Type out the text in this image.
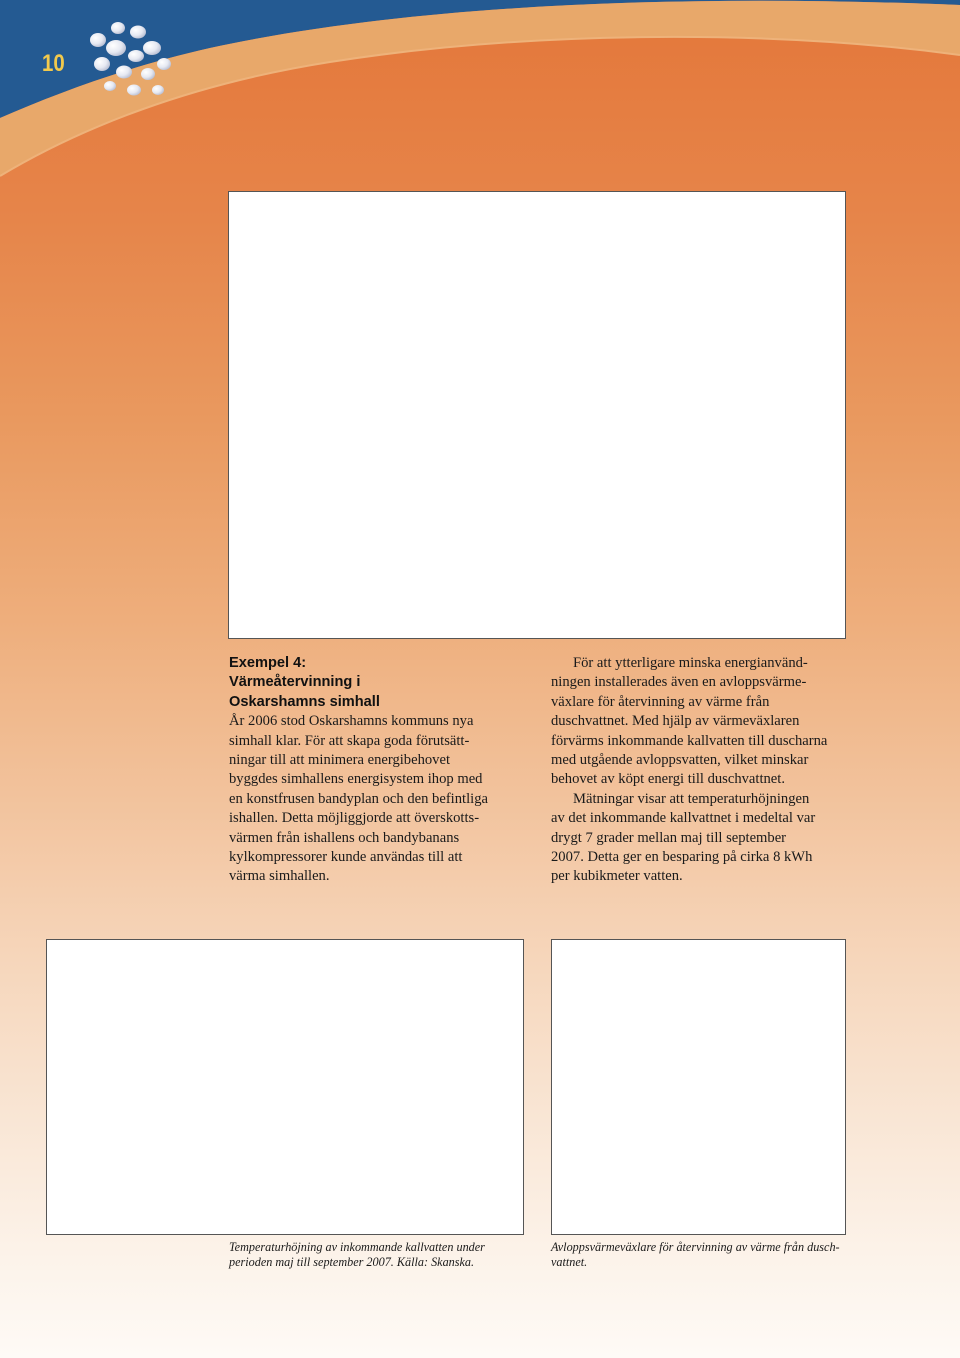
10
Exempel 4:
Värmeåtervinning i
Oskarshamns simhall

År 2006 stod Oskarshamns kommuns nya
simhall klar. För att skapa goda förutsätt-
ningar till att minimera energibehovet
byggdes simhallens energisystem ihop med
en konstfrusen bandyplan och den befintliga
ishallen. Detta möjliggjorde att överskotts-
värmen från ishallens och bandybanans
kylkompressorer kunde användas till att
värma simhallen.

För att ytterligare minska energianvänd-
ningen installerades även en avloppsvärme-
växlare för återvinning av värme från
duschvattnet. Med hjälp av värmeväxlaren
förvärms inkommande kallvatten till duscharna
med utgående avloppsvatten, vilket minskar
behovet av köpt energi till duschvattnet.

Mätningar visar att temperaturhöjningen
av det inkommande kallvattnet i medeltal var
drygt 7 grader mellan maj till september
2007. Detta ger en besparing på cirka 8 kWh
per kubikmeter vatten.

Temperaturhöjning av inkommande kallvatten under
perioden maj till september 2007. Källa: Skanska.
Avloppsvärmeväxlare för återvinning av värme från dusch-
vattnet.
